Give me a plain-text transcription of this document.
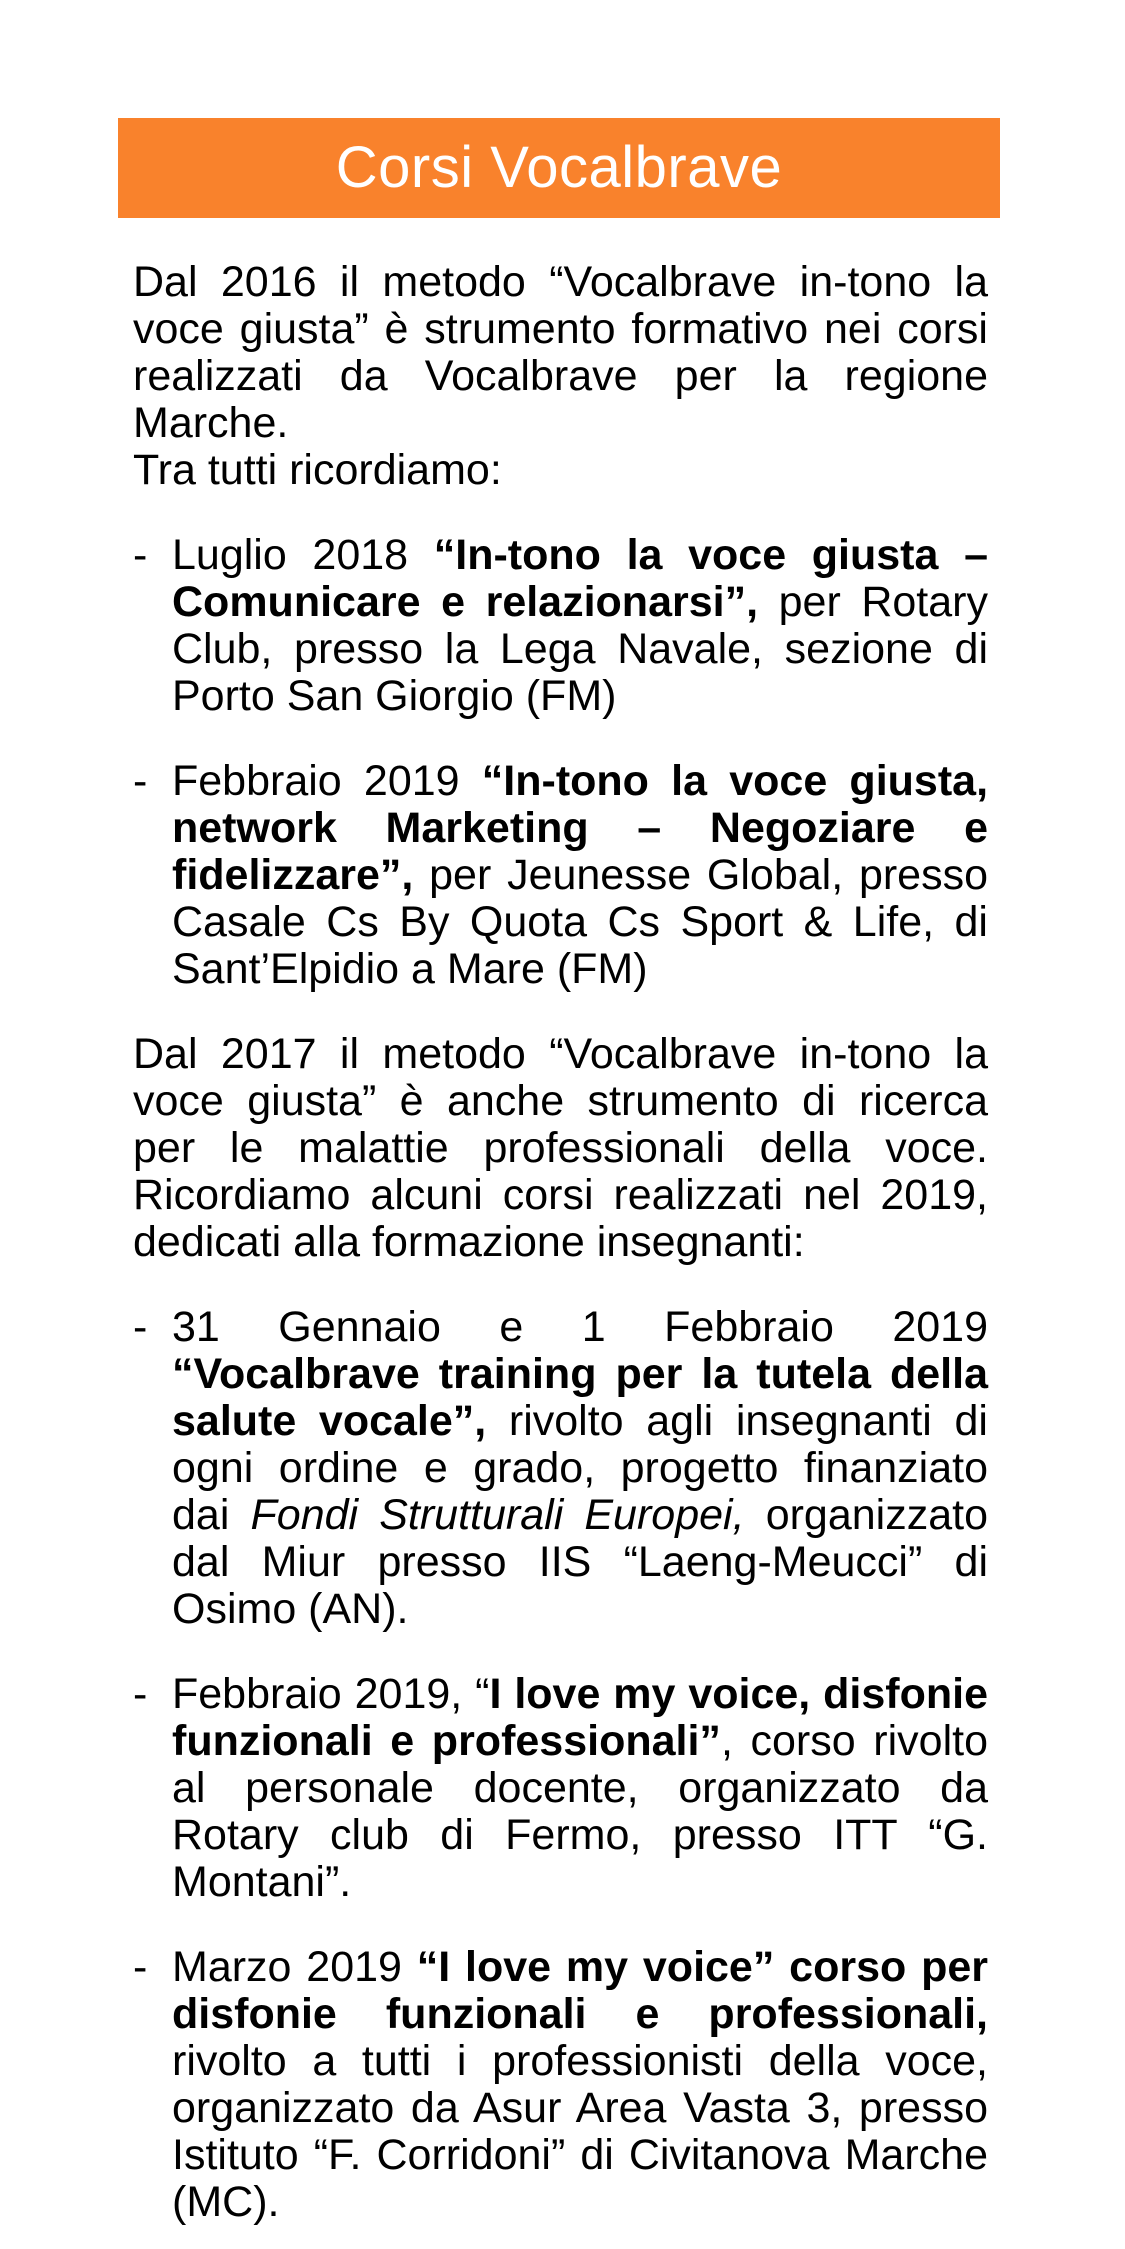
Corsi Vocalbrave

Dal 2016 il metodo “Vocalbrave in-tono la voce giusta” è strumento formativo nei corsi realizzati da Vocalbrave per la regione Marche.
Tra tutti ricordiamo:

- Luglio 2018 “In-tono la voce giusta – Comunicare e relazionarsi”, per Rotary Club, presso la Lega Navale, sezione di Porto San Giorgio (FM)
- Febbraio 2019 “In-tono la voce giusta, network Marketing – Negoziare e fidelizzare”, per Jeunesse Global, presso Casale Cs By Quota Cs Sport & Life, di Sant’Elpidio a Mare (FM)

Dal 2017 il metodo “Vocalbrave in-tono la voce giusta” è anche strumento di ricerca per le malattie professionali della voce. Ricordiamo alcuni corsi realizzati nel 2019, dedicati alla formazione insegnanti:

- 31 Gennaio e 1 Febbraio 2019 “Vocalbrave training per la tutela della salute vocale”, rivolto agli insegnanti di ogni ordine e grado, progetto finanziato dai Fondi Strutturali Europei, organizzato dal Miur presso IIS “Laeng-Meucci” di Osimo (AN).
- Febbraio 2019, “I love my voice, disfonie funzionali e professionali”, corso rivolto al personale docente, organizzato da Rotary club di Fermo, presso ITT “G. Montani”.
- Marzo 2019 “I love my voice” corso per disfonie funzionali e professionali, rivolto a tutti i professionisti della voce, organizzato da Asur Area Vasta 3, presso Istituto “F. Corridoni” di Civitanova Marche (MC).
